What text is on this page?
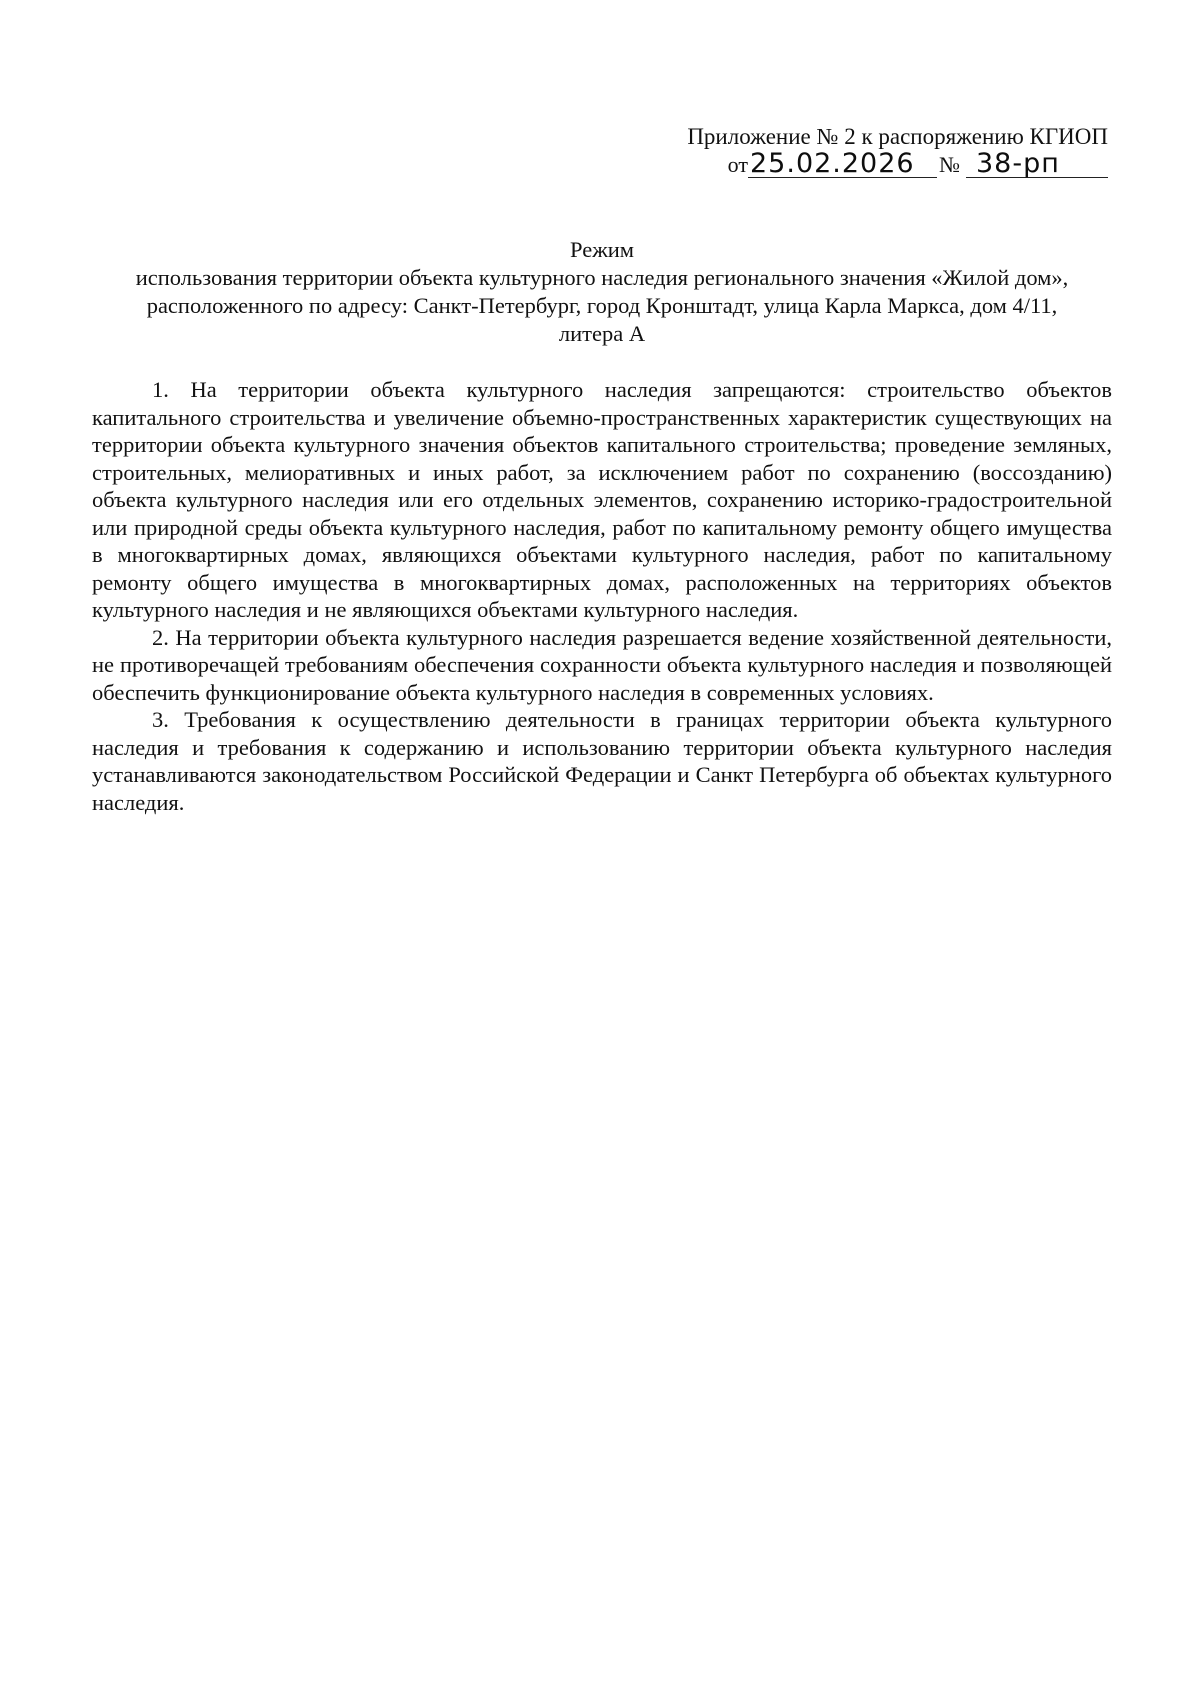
Приложение № 2 к распоряжению КГИОП
от25.02.2026 № 38-рп
Режим
использования территории объекта культурного наследия регионального значения «Жилой дом»,
расположенного по адресу: Санкт-Петербург, город Кронштадт, улица Карла Маркса, дом 4/11,
литера А

1. На территории объекта культурного наследия запрещаются: строительство объектов капитального строительства и увеличение объемно-пространственных характеристик существующих на территории объекта культурного значения объектов капитального строительства; проведение земляных, строительных, мелиоративных и иных работ, за исключением работ по сохранению (воссозданию) объекта культурного наследия или его отдельных элементов, сохранению историко-градостроительной или природной среды объекта культурного наследия, работ по капитальному ремонту общего имущества в многоквартирных домах, являющихся объектами культурного наследия, работ по капитальному ремонту общего имущества в многоквартирных домах, расположенных на территориях объектов культурного наследия и не являющихся объектами культурного наследия.

2. На территории объекта культурного наследия разрешается ведение хозяйственной деятельности, не противоречащей требованиям обеспечения сохранности объекта культурного наследия и позволяющей обеспечить функционирование объекта культурного наследия в современных условиях.

3. Требования к осуществлению деятельности в границах территории объекта культурного наследия и требования к содержанию и использованию территории объекта культурного наследия устанавливаются законодательством Российской Федерации и Санкт Петербурга об объектах культурного наследия.
